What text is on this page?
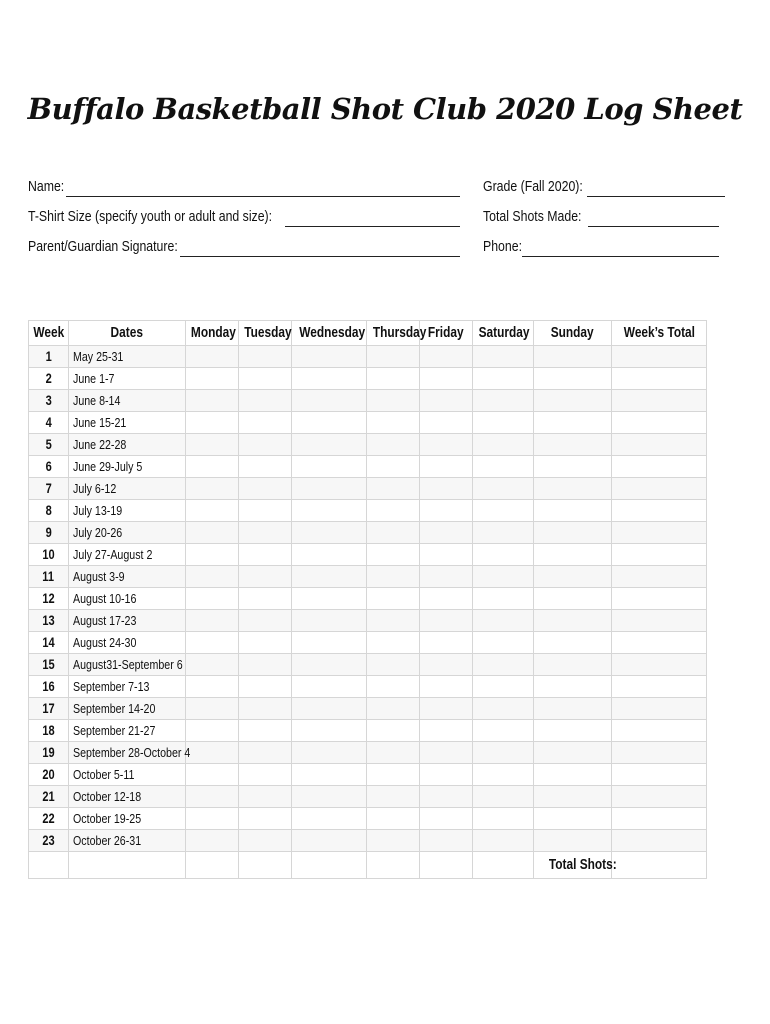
Buffalo Basketball Shot Club 2020 Log Sheet
Name:	Grade (Fall 2020):
T-Shirt Size (specify youth or adult and size):	Total Shots Made:
Parent/Guardian Signature:	Phone:
Week	Dates	Monday	Tuesday	Wednesday	Thursday	Friday	Saturday	Sunday	Week’s Total
1	May 25-31								
2	June 1-7								
3	June 8-14								
4	June 15-21								
5	June 22-28								
6	June 29-July 5								
7	July 6-12								
8	July 13-19								
9	July 20-26								
10	July 27-August 2								
11	August 3-9								
12	August 10-16								
13	August 17-23								
14	August 24-30								
15	August31-September 6								
16	September 7-13								
17	September 14-20								
18	September 21-27								
19	September 28-October 4								
20	October 5-11								
21	October 12-18								
22	October 19-25								
23	October 26-31								
								Total Shots:	
